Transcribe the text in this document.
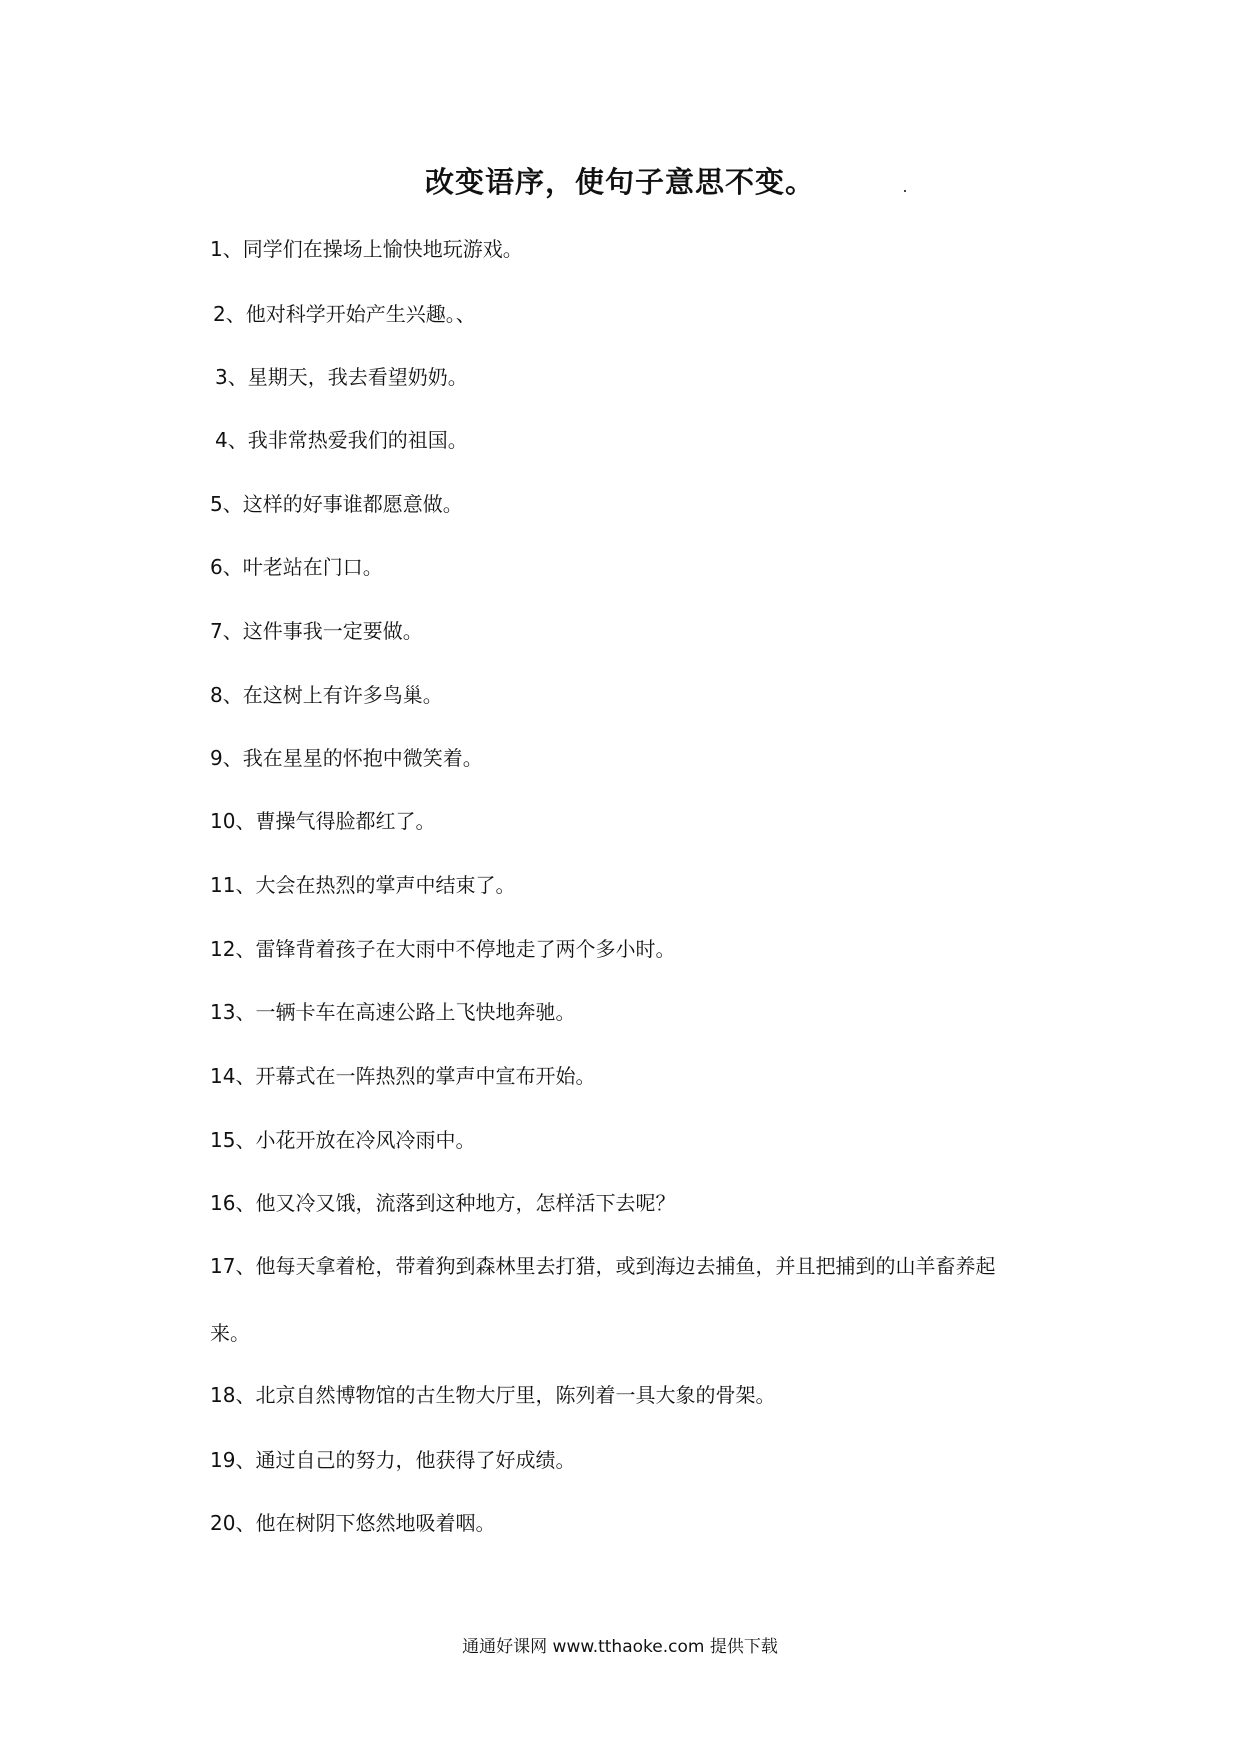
改变语序，使句子意思不变。
1、同学们在操场上愉快地玩游戏。
2、他对科学开始产生兴趣。、
3、星期天，我去看望奶奶。
4、我非常热爱我们的祖国。
5、这样的好事谁都愿意做。
6、叶老站在门口。
7、这件事我一定要做。
8、在这树上有许多鸟巢。
9、我在星星的怀抱中微笑着。
10、曹操气得脸都红了。
11、大会在热烈的掌声中结束了。
12、雷锋背着孩子在大雨中不停地走了两个多小时。
13、一辆卡车在高速公路上飞快地奔驰。
14、开幕式在一阵热烈的掌声中宣布开始。
15、小花开放在冷风冷雨中。
16、他又冷又饿，流落到这种地方，怎样活下去呢？
17、他每天拿着枪，带着狗到森林里去打猎，或到海边去捕鱼，并且把捕到的山羊畜养起
来。
18、北京自然博物馆的古生物大厅里，陈列着一具大象的骨架。
19、通过自己的努力，他获得了好成绩。
20、他在树阴下悠然地吸着咽。
通通好课网 www.tthaoke.com 提供下载
